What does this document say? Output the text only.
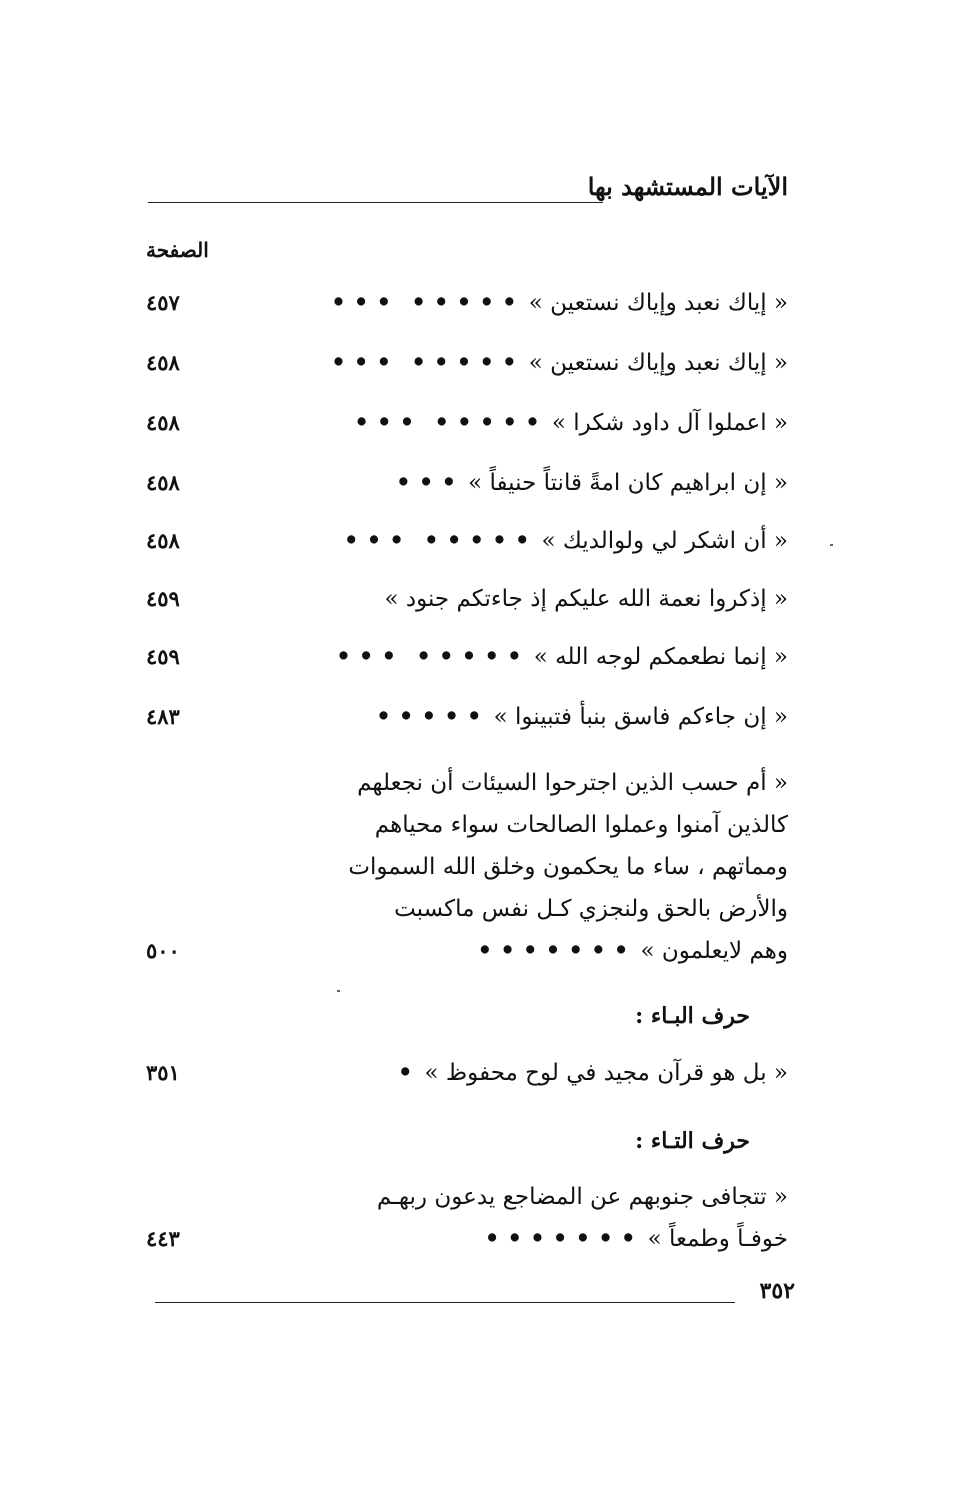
الآيات المستشهد بها
الصفحة
« إياك نعبد وإياك نستعين »• • • • •• • •
٤٥٧
« إياك نعبد وإياك نستعين »• • • • •• • •
٤٥٨
« اعملوا آل داود شكرا »• • • • •• • •
٤٥٨
« إن ابراهيم كان امةً قانتاً حنيفاً »• • •
٤٥٨
« أن اشكر لي ولوالديك »• • • • •• • •
٤٥٨
« إذكروا نعمة الله عليكم إذ جاءتكم جنود »
٤٥٩
« إنما نطعمكم لوجه الله »• • • • •• • •
٤٥٩
« إن جاءكم فاسق بنبأ فتبينوا »• • • • •
٤٨٣
« أم حسب الذين اجترحوا السيئات أن نجعلهم
كالذين آمنوا وعملوا الصالحات سواء محياهم
ومماتهم ، ساء ما يحكمون وخلق الله السموات
والأرض بالحق ولنجزي كـل نفس ماكسبت
وهم لايعلمون »• • • • • • •
٥٠٠
حرف البـاء :
« بل هو قرآن مجيد في لوح محفوظ »•
٣٥١
حرف التـاء :
« تتجافى جنوبهم عن المضاجع يدعون ربهـم
خوفـاً وطمعاً »• • • • • • •
٤٤٣
٣٥٢
